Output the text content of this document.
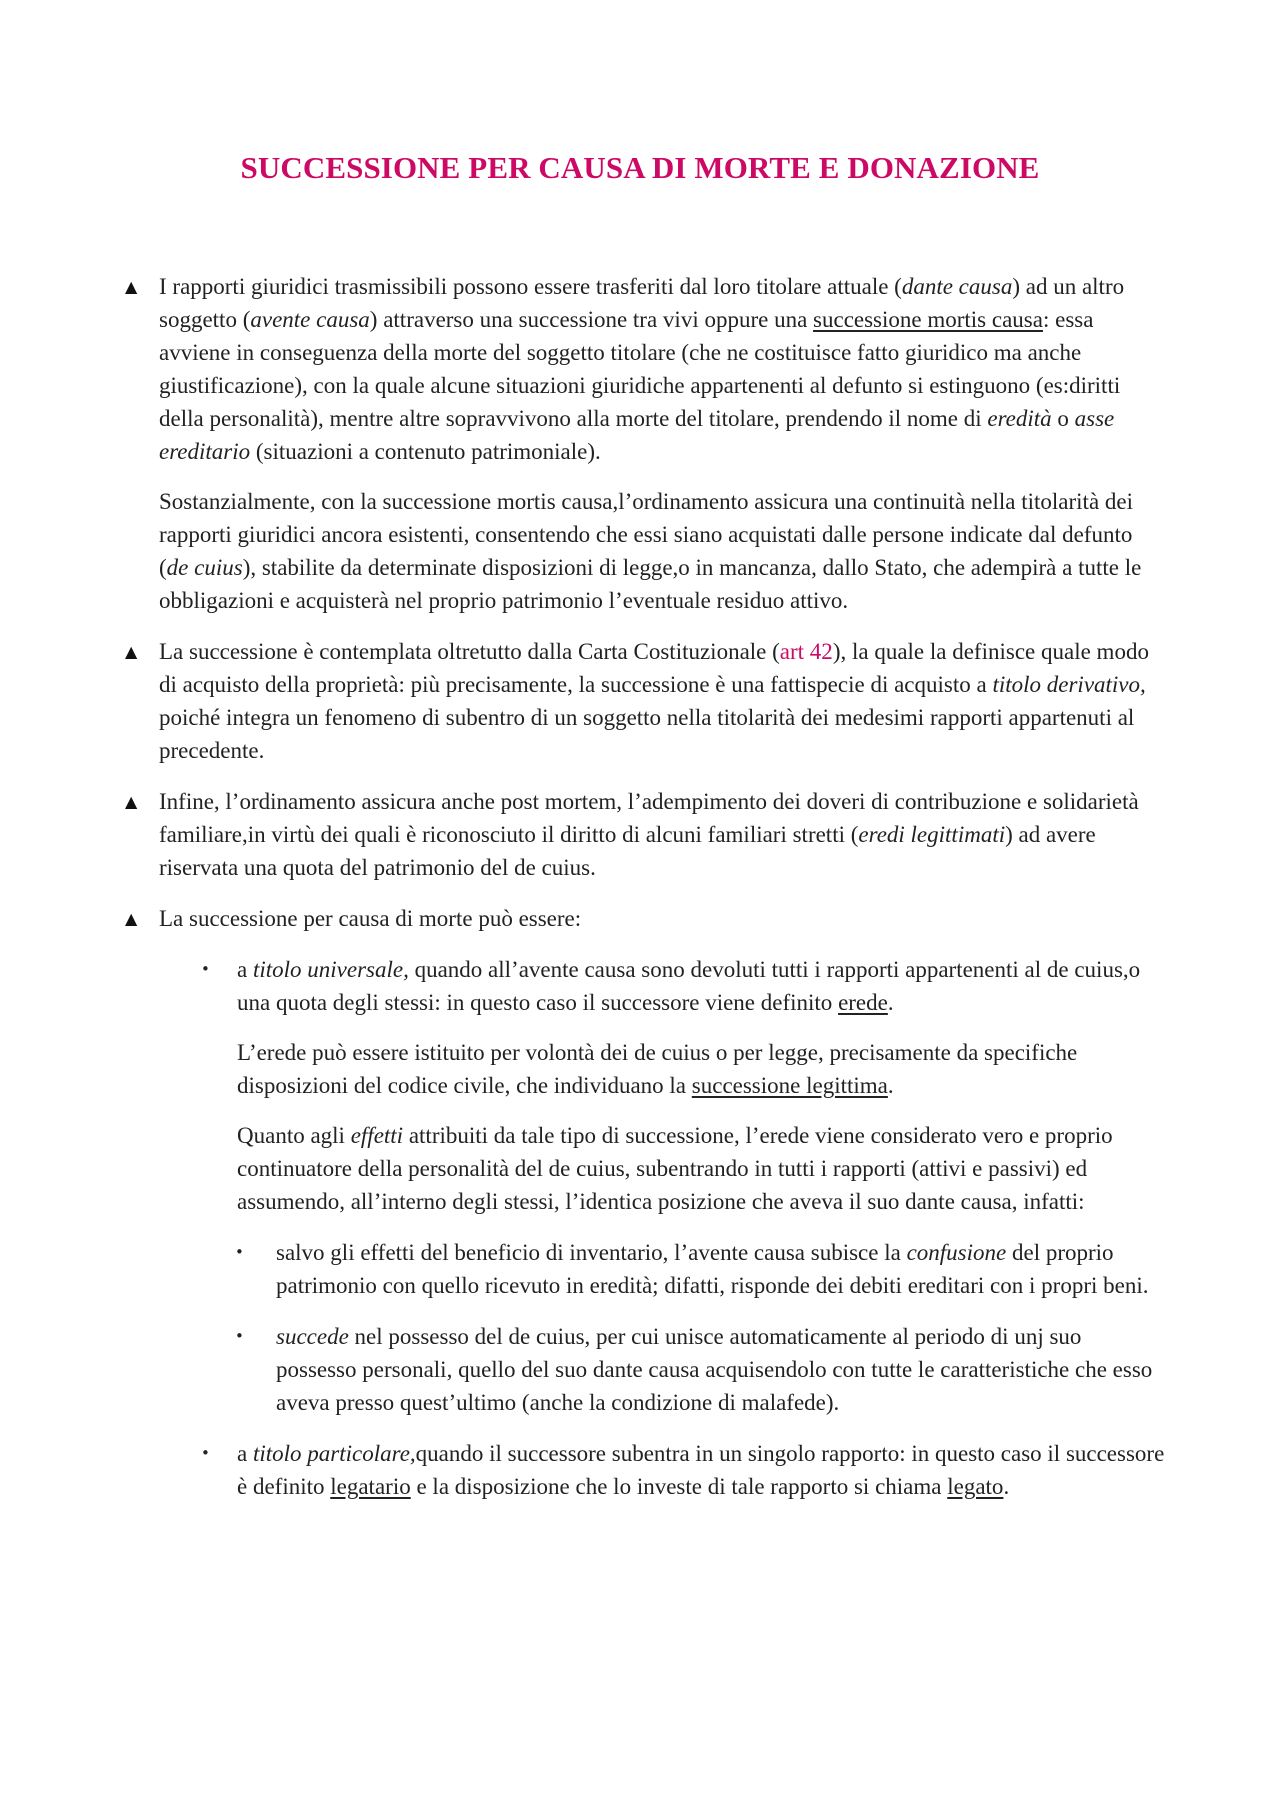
SUCCESSIONE PER CAUSA DI MORTE E DONAZIONE
▲ I rapporti giuridici trasmissibili possono essere trasferiti dal loro titolare attuale (dante causa) ad un altro soggetto (avente causa) attraverso una successione tra vivi oppure una successione mortis causa: essa avviene in conseguenza della morte del soggetto titolare (che ne costituisce fatto giuridico ma anche giustificazione), con la quale alcune situazioni giuridiche appartenenti al defunto si estinguono (es:diritti della personalità), mentre altre sopravvivono alla morte del titolare, prendendo il nome di eredità o asse ereditario (situazioni a contenuto patrimoniale).

Sostanzialmente, con la successione mortis causa,l’ordinamento assicura una continuità nella titolarità dei rapporti giuridici ancora esistenti, consentendo che essi siano acquistati dalle persone indicate dal defunto (de cuius), stabilite da determinate disposizioni di legge,o in mancanza, dallo Stato, che adempirà a tutte le obbligazioni e acquisterà nel proprio patrimonio l’eventuale residuo attivo.

▲ La successione è contemplata oltretutto dalla Carta Costituzionale (art 42), la quale la definisce quale modo di acquisto della proprietà: più precisamente, la successione è una fattispecie di acquisto a titolo derivativo, poiché integra un fenomeno di subentro di un soggetto nella titolarità dei medesimi rapporti appartenuti al precedente.

▲ Infine, l’ordinamento assicura anche post mortem, l’adempimento dei doveri di contribuzione e solidarietà familiare,in virtù dei quali è riconosciuto il diritto di alcuni familiari stretti (eredi legittimati) ad avere riservata una quota del patrimonio del de cuius.

▲ La successione per causa di morte può essere:

• a titolo universale, quando all’avente causa sono devoluti tutti i rapporti appartenenti al de cuius,o una quota degli stessi: in questo caso il successore viene definito erede.

L’erede può essere istituito per volontà dei de cuius o per legge, precisamente da specifiche disposizioni del codice civile, che individuano la successione legittima.

Quanto agli effetti attribuiti da tale tipo di successione, l’erede viene considerato vero e proprio continuatore della personalità del de cuius, subentrando in tutti i rapporti (attivi e passivi) ed assumendo, all’interno degli stessi, l’identica posizione che aveva il suo dante causa, infatti:

• salvo gli effetti del beneficio di inventario, l’avente causa subisce la confusione del proprio patrimonio con quello ricevuto in eredità; difatti, risponde dei debiti ereditari con i propri beni.

• succede nel possesso del de cuius, per cui unisce automaticamente al periodo di unj suo possesso personali, quello del suo dante causa acquisendolo con tutte le caratteristiche che esso aveva presso quest’ultimo (anche la condizione di malafede).

• a titolo particolare,quando il successore subentra in un singolo rapporto: in questo caso il successore è definito legatario e la disposizione che lo investe di tale rapporto si chiama legato.
